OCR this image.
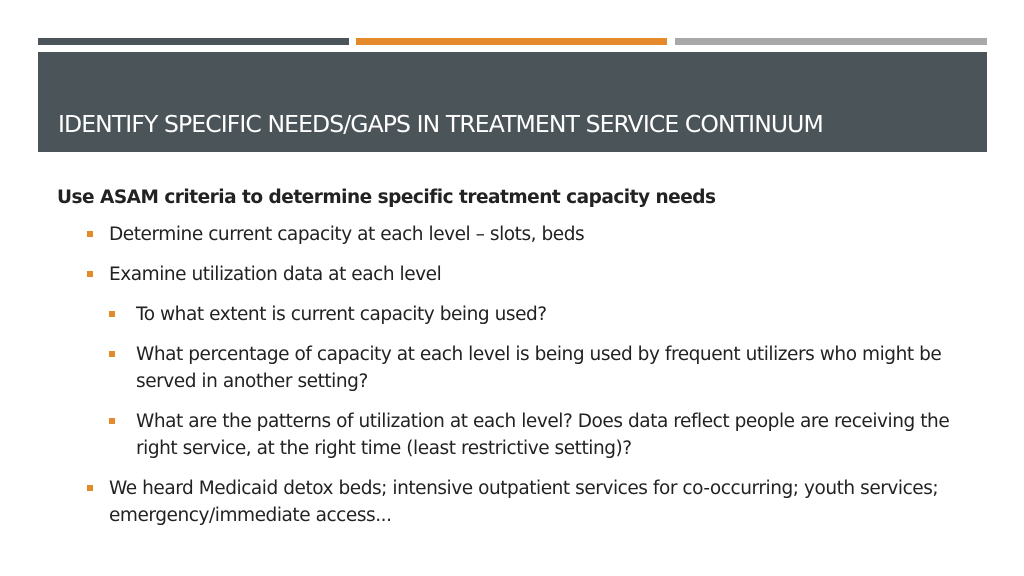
IDENTIFY SPECIFIC NEEDS/GAPS IN TREATMENT SERVICE CONTINUUM

Use ASAM criteria to determine specific treatment capacity needs

Determine current capacity at each level – slots, beds
Examine utilization data at each level
To what extent is current capacity being used?
What percentage of capacity at each level is being used by frequent utilizers who might be served in another setting?
What are the patterns of utilization at each level? Does data reflect people are receiving the right service, at the right time (least restrictive setting)?
We heard Medicaid detox beds; intensive outpatient services for co-occurring; youth services; emergency/immediate access...
